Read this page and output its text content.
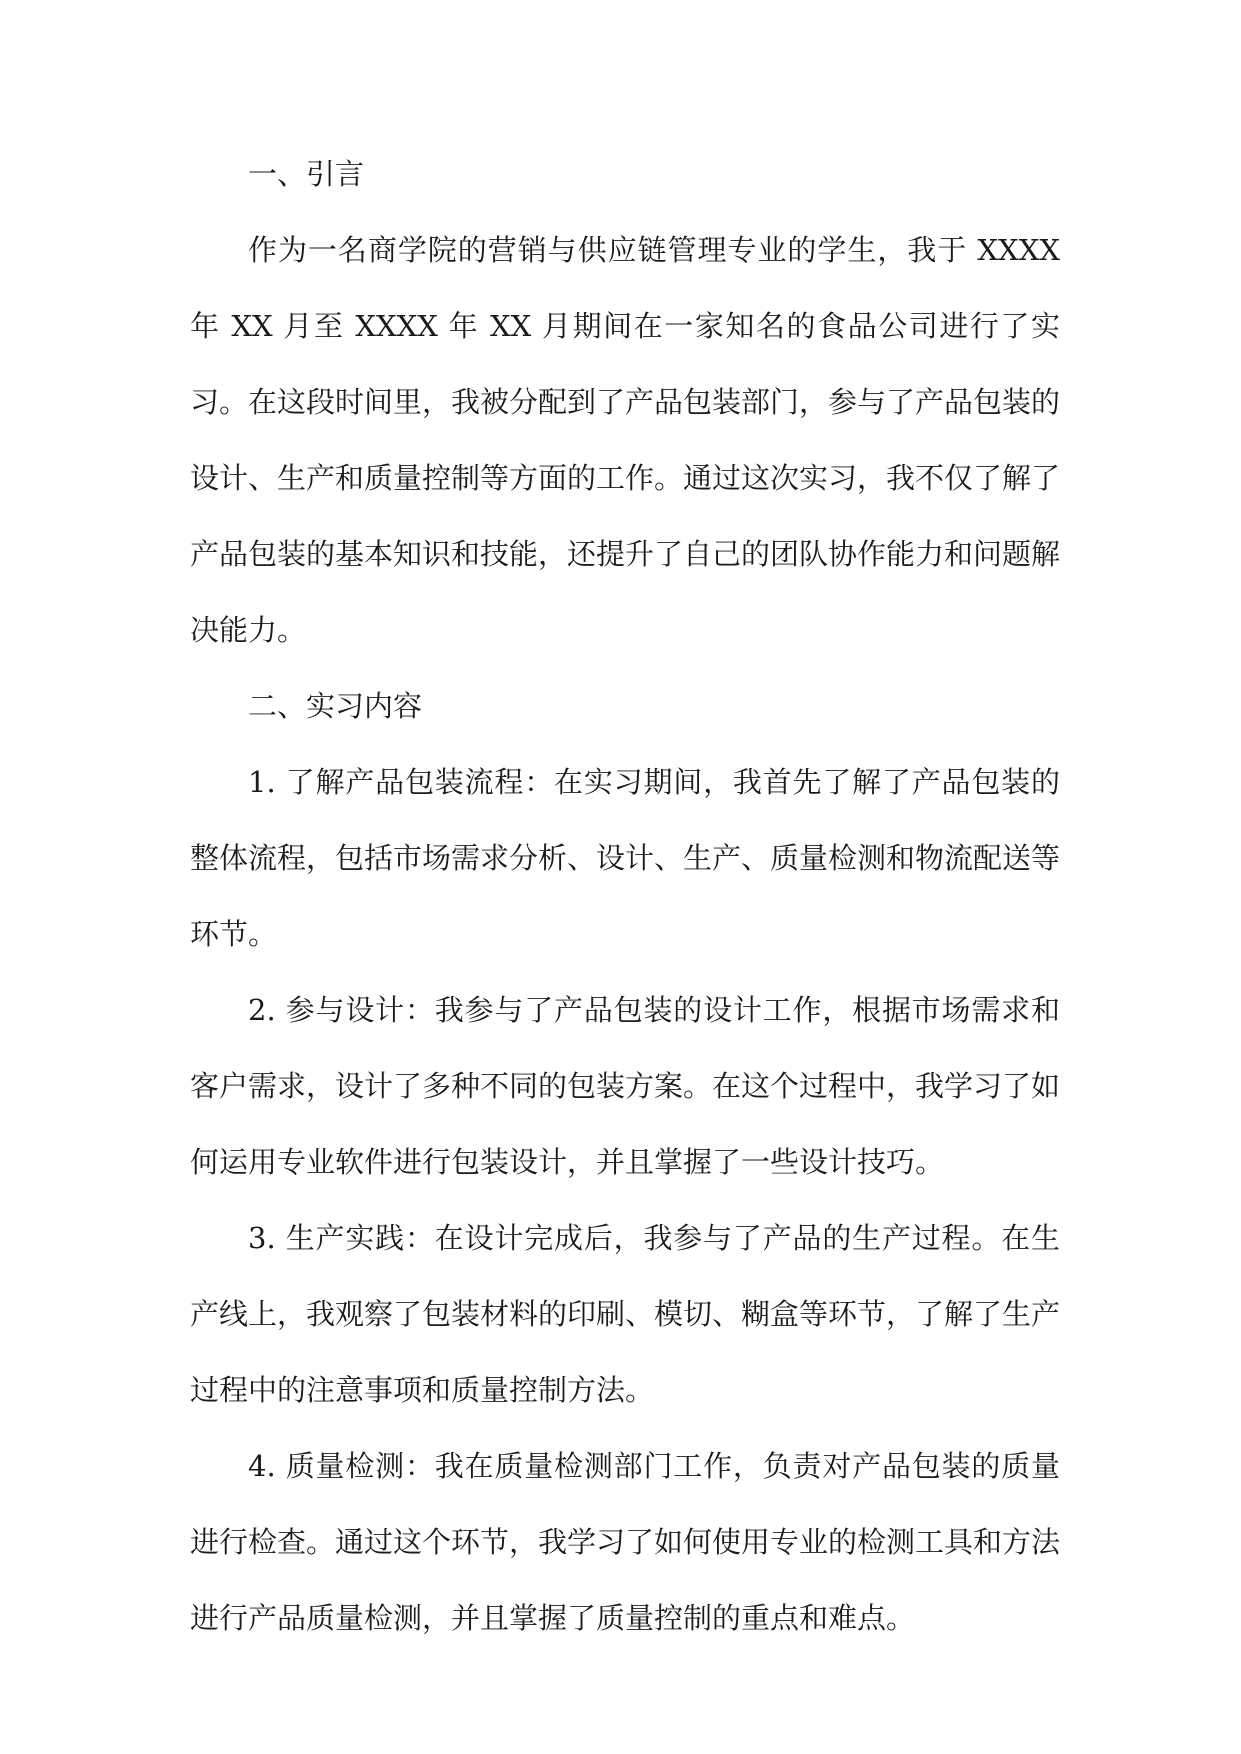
一、引言

作为一名商学院的营销与供应链管理专业的学生，我于 XXXX 年 XX 月至 XXXX 年 XX 月期间在一家知名的食品公司进行了实习。在这段时间里，我被分配到了产品包装部门，参与了产品包装的设计、生产和质量控制等方面的工作。通过这次实习，我不仅了解了产品包装的基本知识和技能，还提升了自己的团队协作能力和问题解决能力。

二、实习内容

1. 了解产品包装流程：在实习期间，我首先了解了产品包装的整体流程，包括市场需求分析、设计、生产、质量检测和物流配送等环节。

2. 参与设计：我参与了产品包装的设计工作，根据市场需求和客户需求，设计了多种不同的包装方案。在这个过程中，我学习了如何运用专业软件进行包装设计，并且掌握了一些设计技巧。

3. 生产实践：在设计完成后，我参与了产品的生产过程。在生产线上，我观察了包装材料的印刷、模切、糊盒等环节，了解了生产过程中的注意事项和质量控制方法。

4. 质量检测：我在质量检测部门工作，负责对产品包装的质量进行检查。通过这个环节，我学习了如何使用专业的检测工具和方法进行产品质量检测，并且掌握了质量控制的重点和难点。
